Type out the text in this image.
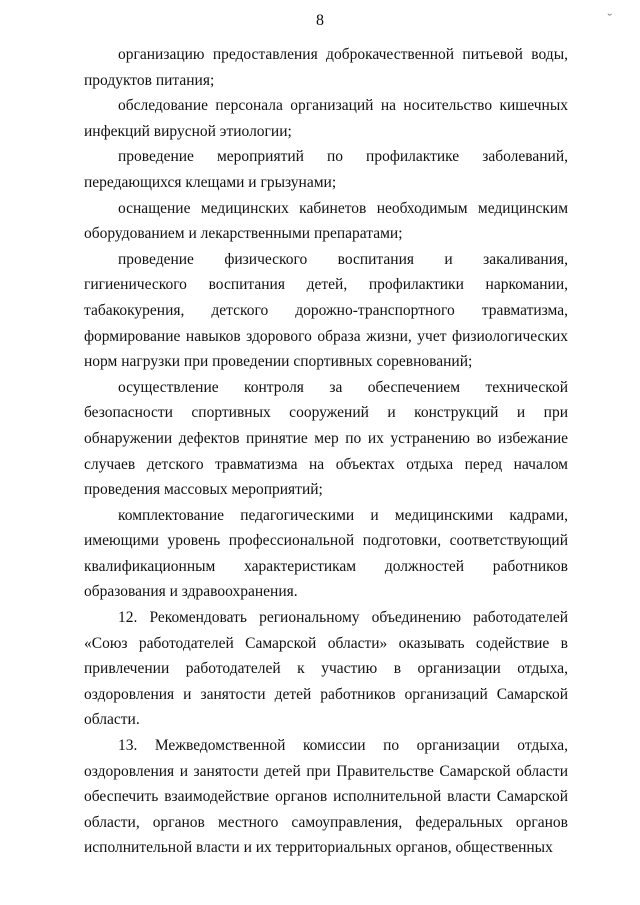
8	˘

организацию предоставления доброкачественной питьевой воды, продуктов питания;

обследование персонала организаций на носительство кишечных инфекций вирусной этиологии;

проведение мероприятий по профилактике заболеваний, передающихся клещами и грызунами;

оснащение медицинских кабинетов необходимым медицинским оборудованием и лекарственными препаратами;

проведение физического воспитания и закаливания, гигиенического воспитания детей, профилактики наркомании, табакокурения, детского дорожно-транспортного травматизма, формирование навыков здорового образа жизни, учет физиологических норм нагрузки при проведении спортивных соревнований;

осуществление контроля за обеспечением технической безопасности спортивных сооружений и конструкций и при обнаружении дефектов принятие мер по их устранению во избежание случаев детского травматизма на объектах отдыха перед началом проведения массовых мероприятий;

комплектование педагогическими и медицинскими кадрами, имеющими уровень профессиональной подготовки, соответствующий квалификационным характеристикам должностей работников образования и здравоохранения.

12. Рекомендовать региональному объединению работодателей «Союз работодателей Самарской области» оказывать содействие в привлечении работодателей к участию в организации отдыха, оздоровления и занятости детей работников организаций Самарской области.

13. Межведомственной комиссии по организации отдыха, оздоровления и занятости детей при Правительстве Самарской области обеспечить взаимодействие органов исполнительной власти Самарской области, органов местного самоуправления, федеральных органов исполнительной власти и их территориальных органов, общественных
